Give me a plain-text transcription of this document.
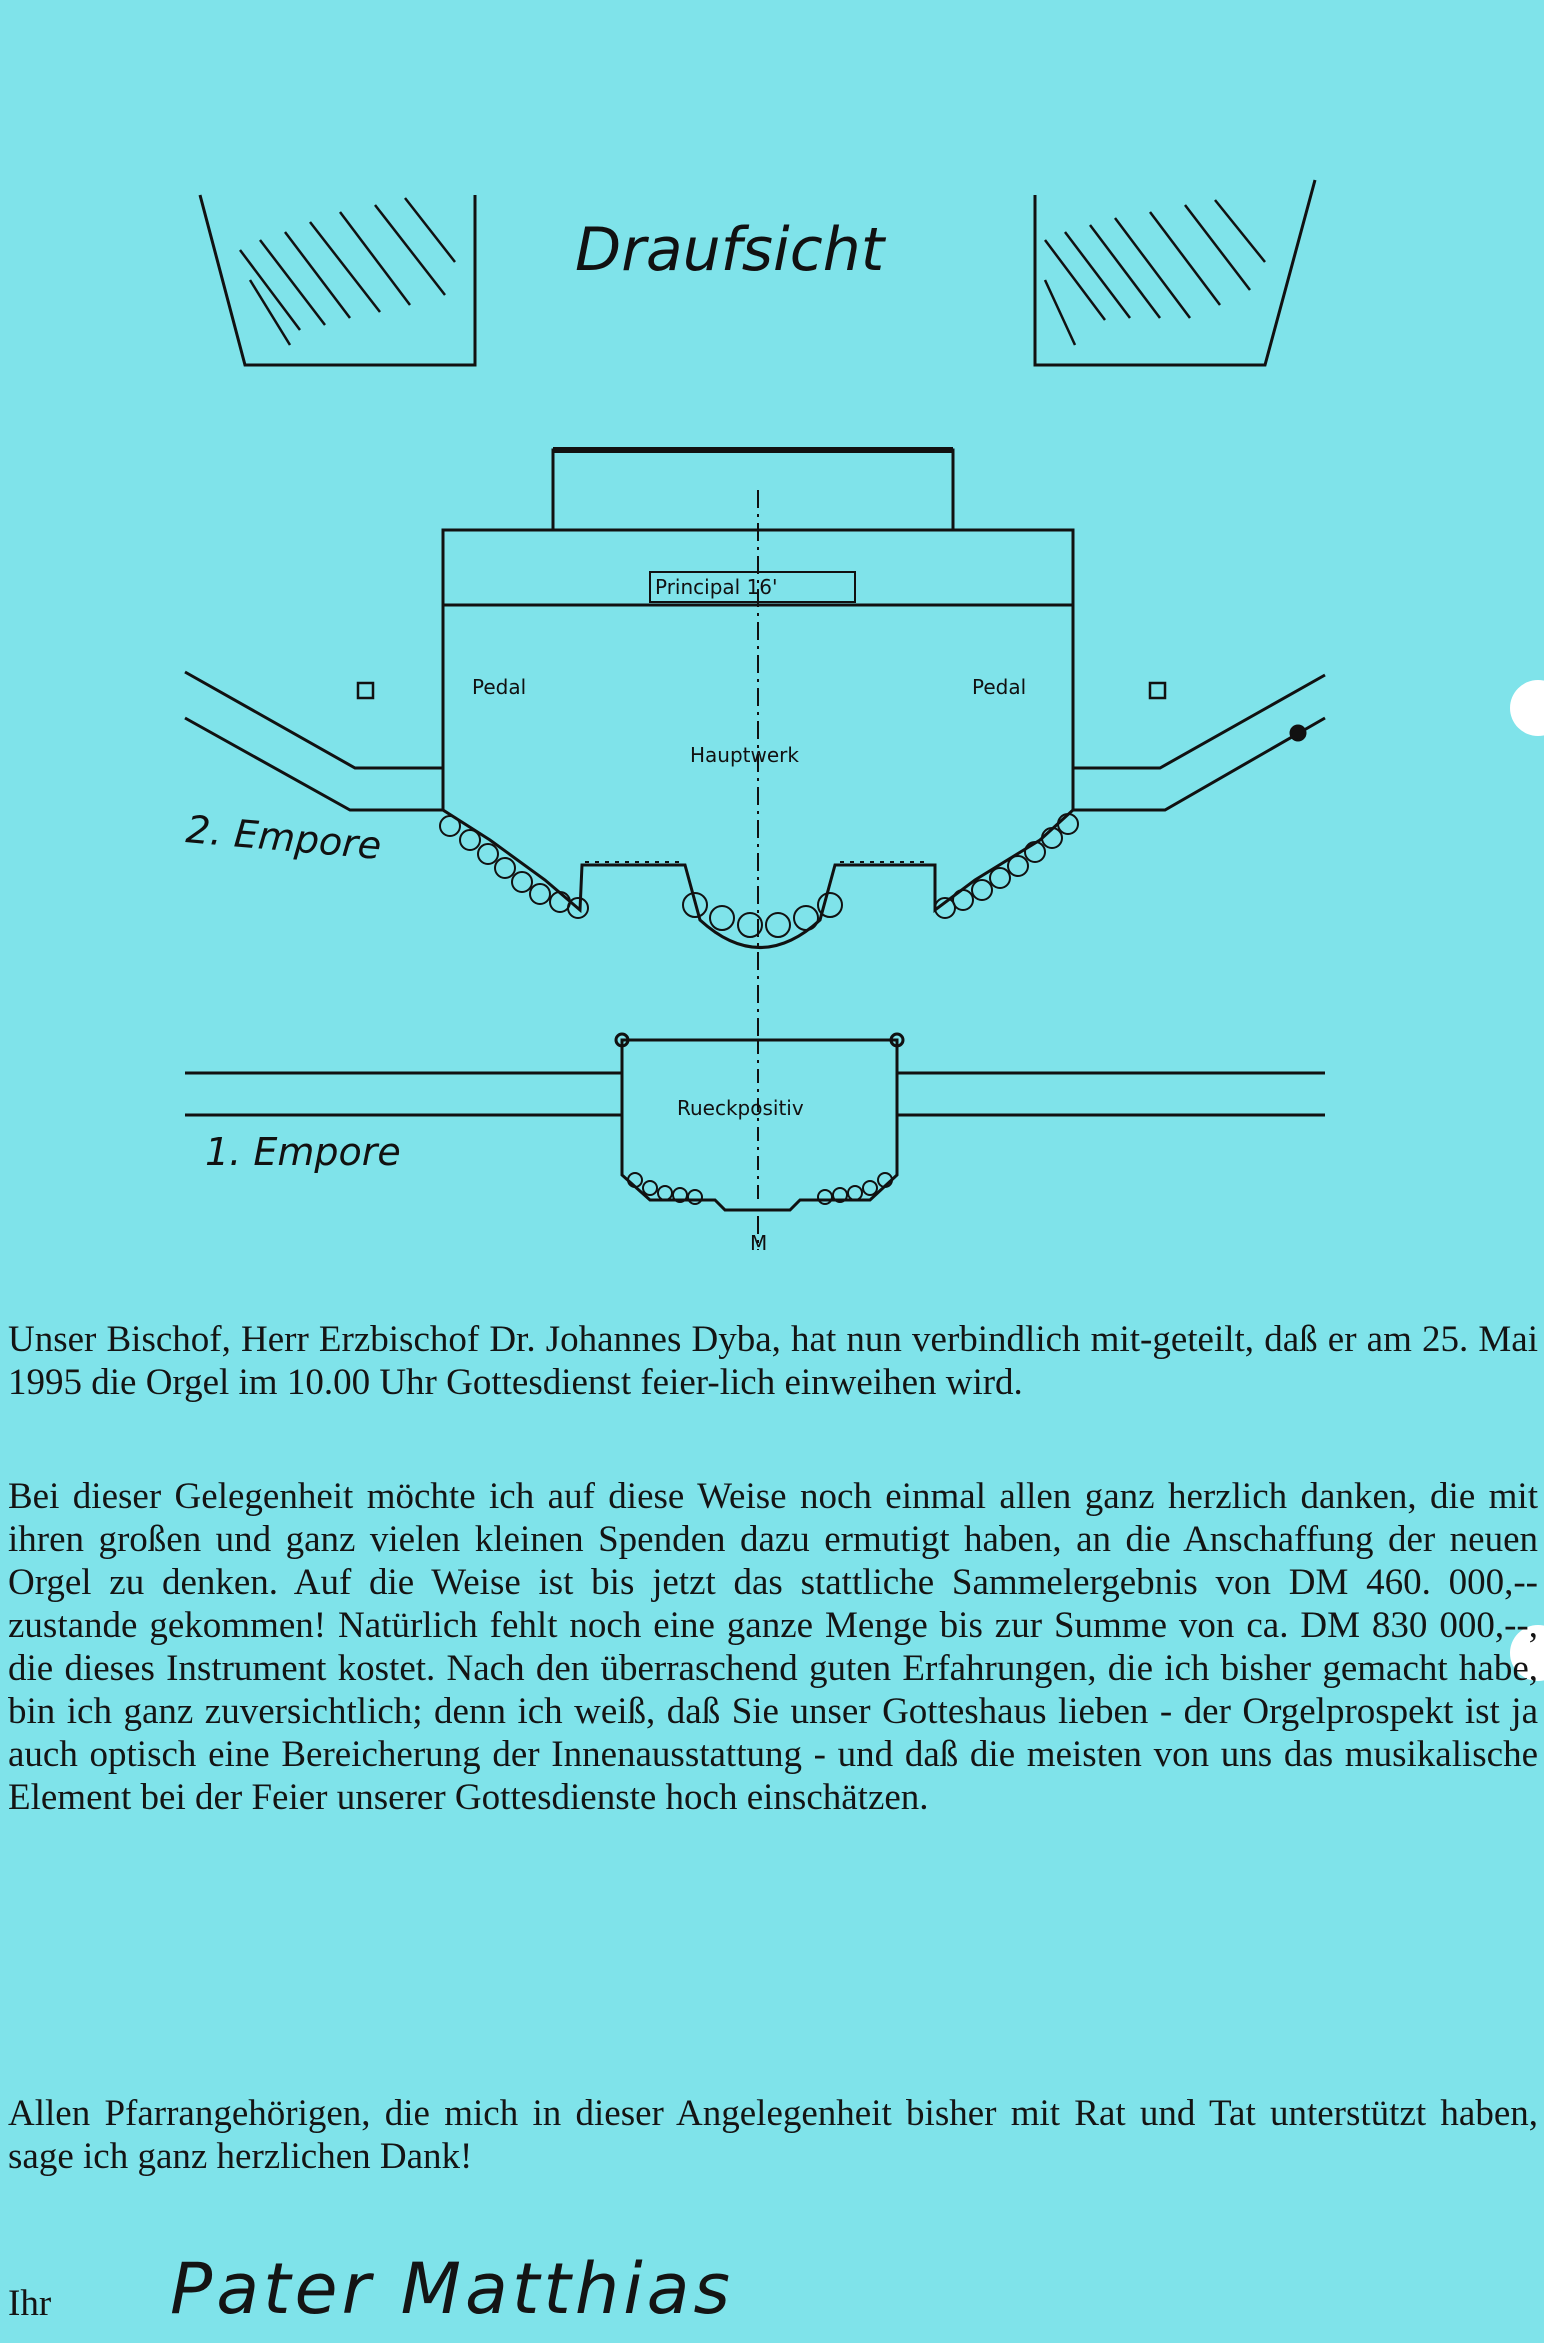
Draufsicht
Principal 16'
Pedal	Pedal
Hauptwerk
2. Empore
Rueckpositiv
1. Empore
M

Unser Bischof, Herr Erzbischof Dr. Johannes Dyba, hat nun verbindlich mit-geteilt, daß er am 25. Mai 1995 die Orgel im 10.00 Uhr Gottesdienst feier-lich einweihen wird.

Bei dieser Gelegenheit möchte ich auf diese Weise noch einmal allen ganz herzlich danken, die mit ihren großen und ganz vielen kleinen Spenden dazu ermutigt haben, an die Anschaffung der neuen Orgel zu denken. Auf die Weise ist bis jetzt das stattliche Sammelergebnis von DM 460. 000,-- zustande gekommen! Natürlich fehlt noch eine ganze Menge bis zur Summe von ca. DM 830 000,--, die dieses Instrument kostet. Nach den überraschend guten Erfahrungen, die ich bisher gemacht habe, bin ich ganz zuversichtlich; denn ich weiß, daß Sie unser Gotteshaus lieben - der Orgelprospekt ist ja auch optisch eine Bereicherung der Innenausstattung - und daß die meisten von uns das musikalische Element bei der Feier unserer Gottesdienste hoch einschätzen.

Allen Pfarrangehörigen, die mich in dieser Angelegenheit bisher mit Rat und Tat unterstützt haben, sage ich ganz herzlichen Dank!

Ihr Pater Matthias
